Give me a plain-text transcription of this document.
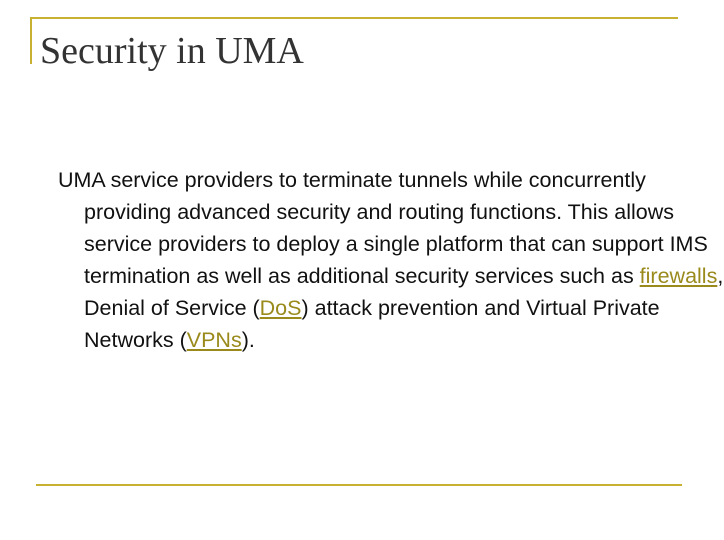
Security in UMA

UMA service providers to terminate tunnels while concurrently providing advanced security and routing functions. This allows service providers to deploy a single platform that can support IMS termination as well as additional security services such as firewalls, Denial of Service (DoS) attack prevention and Virtual Private Networks (VPNs).
